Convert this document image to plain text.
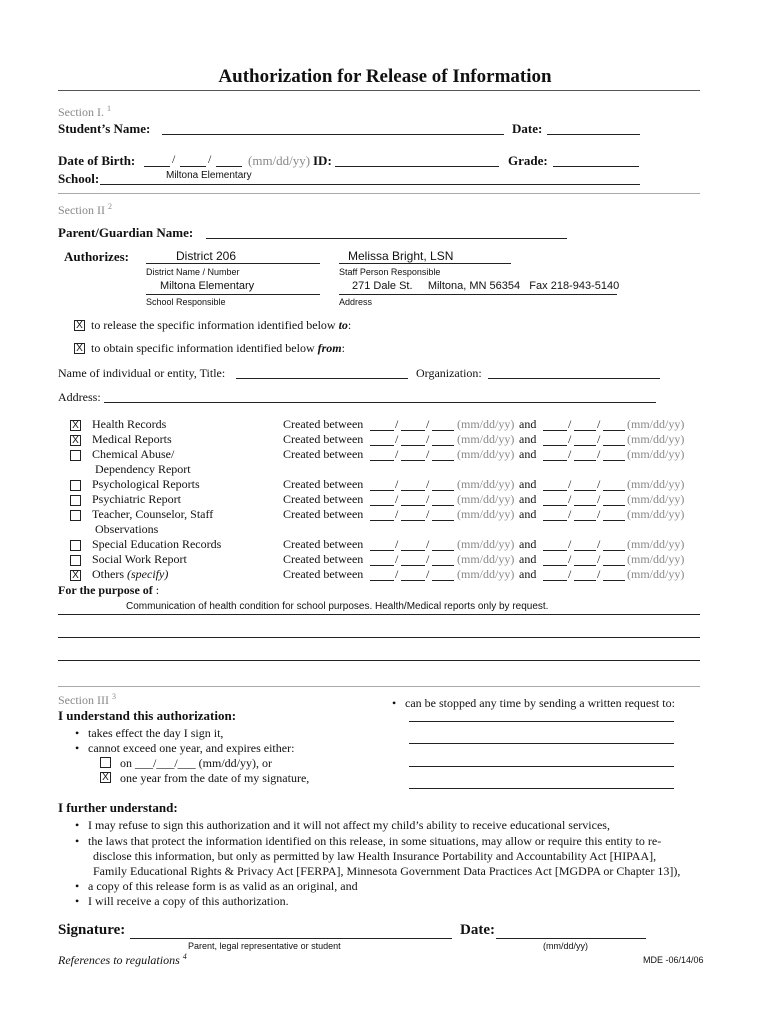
Authorization for Release of Information
Section I. $^1$
Student’s Name:	Date:
Date of Birth:	/	/	(mm/dd/yy) ID:	Grade:
School:	Miltona Elementary
Section II $^2$
Parent/Guardian Name:
Authorizes:	District 206
District Name / Number
Melissa Bright, LSN
Staff Person Responsible
Miltona Elementary
School Responsible
271 Dale St.     Miltona, MN 56354   Fax 218-943-5140
Address
X to release the specific information identified below to:
X to obtain specific information identified below from:
Name of individual or entity, Title:	Organization:
Address:
X Health Records	Created between	/ / (mm/dd/yy) and	/ / (mm/dd/yy)
X Medical Reports	Created between	/ / (mm/dd/yy) and	/ / (mm/dd/yy)
Chemical Abuse/	Created between	/ / (mm/dd/yy) and	/ / (mm/dd/yy)
Dependency Report
Psychological Reports	Created between	/ / (mm/dd/yy) and	/ / (mm/dd/yy)
Psychiatric Report	Created between	/ / (mm/dd/yy) and	/ / (mm/dd/yy)
Teacher, Counselor, Staff	Created between	/ / (mm/dd/yy) and	/ / (mm/dd/yy)
Observations
Special Education Records	Created between	/ / (mm/dd/yy) and	/ / (mm/dd/yy)
Social Work Report	Created between	/ / (mm/dd/yy) and	/ / (mm/dd/yy)
X Others (specify)	Created between	/ / (mm/dd/yy) and	/ / (mm/dd/yy)
For the purpose of :
Communication of health condition for school purposes. Health/Medical reports only by request.
Section III $^3$
I understand this authorization:
• takes effect the day I sign it,
• cannot exceed one year, and expires either:
on ___/___/___ (mm/dd/yy), or
X one year from the date of my signature,
• can be stopped any time by sending a written request to:
I further understand:
• I may refuse to sign this authorization and it will not affect my child’s ability to receive educational services,
• the laws that protect the information identified on this release, in some situations, may allow or require this entity to re-
disclose this information, but only as permitted by law Health Insurance Portability and Accountability Act [HIPAA],
Family Educational Rights & Privacy Act [FERPA], Minnesota Government Data Practices Act [MGDPA or Chapter 13]),
• a copy of this release form is as valid as an original, and
• I will receive a copy of this authorization.
Signature:
Parent, legal representative or student
Date:
(mm/dd/yy)
References to regulations $^4$	MDE -06/14/06
